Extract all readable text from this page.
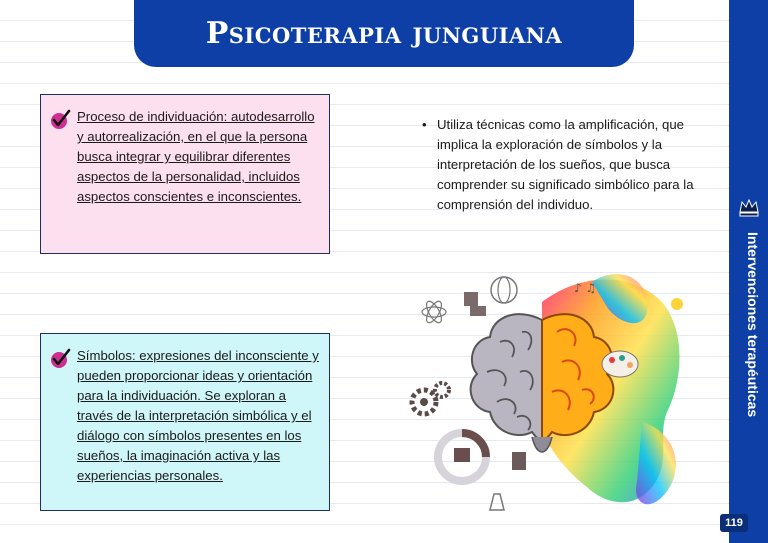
Psicoterapia junguiana
Proceso de individuación: autodesarrollo y autorrealización, en el que la persona busca integrar y equilibrar diferentes aspectos de la personalidad, incluidos aspectos conscientes e inconscientes.
Símbolos: expresiones del inconsciente y pueden proporcionar ideas y orientación para la individuación. Se exploran a través de la interpretación simbólica y el diálogo con símbolos presentes en los sueños, la imaginación activa y las experiencias personales.
• Utiliza técnicas como la amplificación, que implica la exploración de símbolos y la interpretación de los sueños, que busca comprender su significado simbólico para la comprensión del individuo.
♪ ♫	Intervenciones terapéuticas
119
